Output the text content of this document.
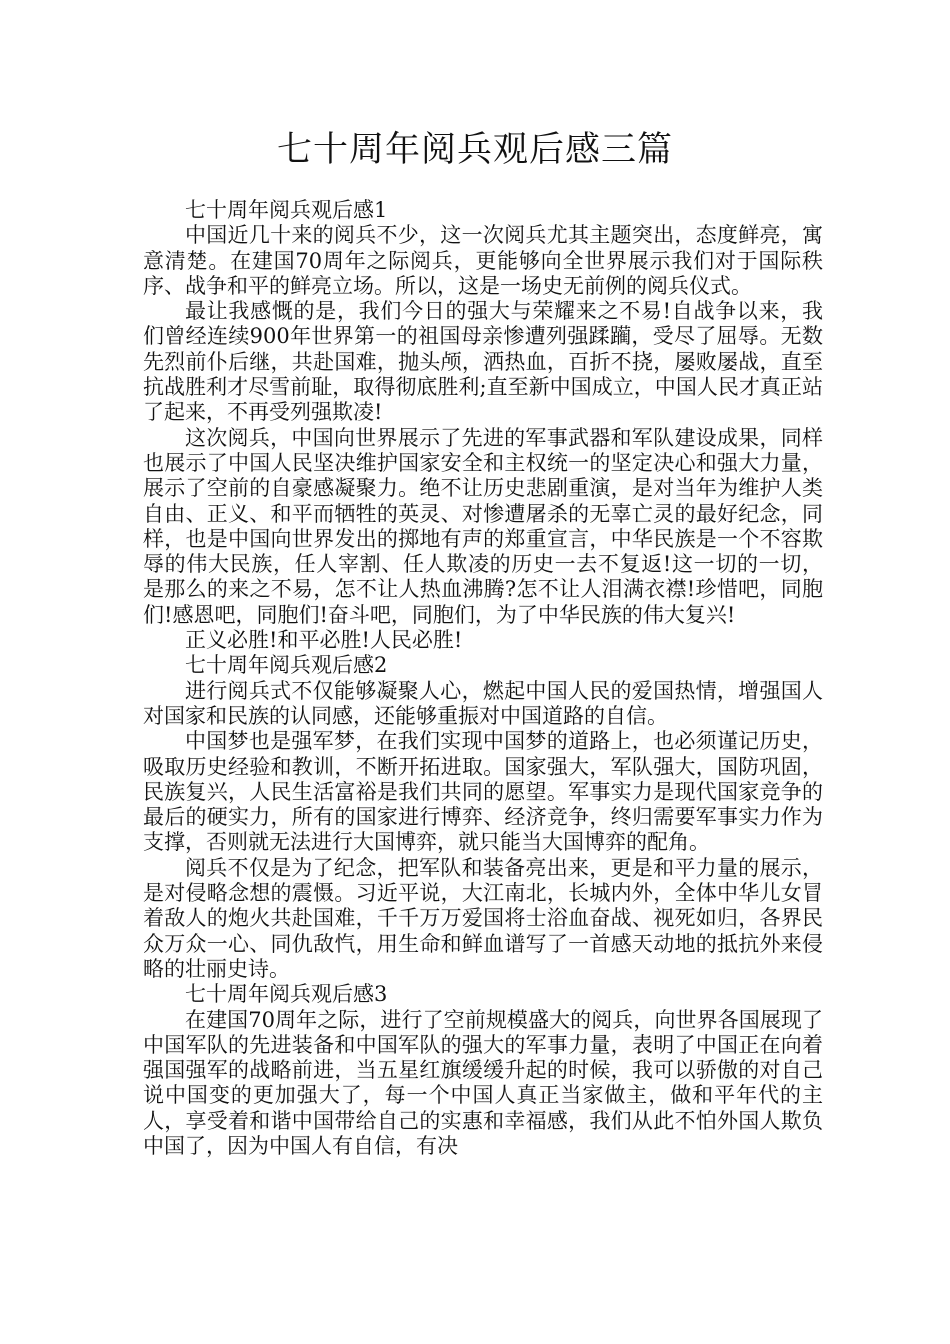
七十周年阅兵观后感三篇

七十周年阅兵观后感1

中国近几十来的阅兵不少，这一次阅兵尤其主题突出，态度鲜亮，寓意清楚。在建国70周年之际阅兵，更能够向全世界展示我们对于国际秩序、战争和平的鲜亮立场。所以，这是一场史无前例的阅兵仪式。

最让我感慨的是，我们今日的强大与荣耀来之不易!自战争以来，我们曾经连续900年世界第一的祖国母亲惨遭列强蹂躏，受尽了屈辱。无数先烈前仆后继，共赴国难，抛头颅，洒热血，百折不挠，屡败屡战，直至抗战胜利才尽雪前耻，取得彻底胜利;直至新中国成立，中国人民才真正站了起来，不再受列强欺凌!

这次阅兵，中国向世界展示了先进的军事武器和军队建设成果，同样也展示了中国人民坚决维护国家安全和主权统一的坚定决心和强大力量，展示了空前的自豪感凝聚力。绝不让历史悲剧重演，是对当年为维护人类自由、正义、和平而牺牲的英灵、对惨遭屠杀的无辜亡灵的最好纪念，同样，也是中国向世界发出的掷地有声的郑重宣言，中华民族是一个不容欺辱的伟大民族，任人宰割、任人欺凌的历史一去不复返!这一切的一切，是那么的来之不易，怎不让人热血沸腾?怎不让人泪满衣襟!珍惜吧，同胞们!感恩吧，同胞们!奋斗吧，同胞们，为了中华民族的伟大复兴!

正义必胜!和平必胜!人民必胜!

七十周年阅兵观后感2

进行阅兵式不仅能够凝聚人心，燃起中国人民的爱国热情，增强国人对国家和民族的认同感，还能够重振对中国道路的自信。

中国梦也是强军梦，在我们实现中国梦的道路上，也必须谨记历史，吸取历史经验和教训，不断开拓进取。国家强大，军队强大，国防巩固，民族复兴，人民生活富裕是我们共同的愿望。军事实力是现代国家竞争的最后的硬实力，所有的国家进行博弈、经济竞争，终归需要军事实力作为支撑，否则就无法进行大国博弈，就只能当大国博弈的配角。

阅兵不仅是为了纪念，把军队和装备亮出来，更是和平力量的展示，是对侵略念想的震慑。习近平说，大江南北，长城内外，全体中华儿女冒着敌人的炮火共赴国难，千千万万爱国将士浴血奋战、视死如归，各界民众万众一心、同仇敌忾，用生命和鲜血谱写了一首感天动地的抵抗外来侵略的壮丽史诗。

七十周年阅兵观后感3

在建国70周年之际，进行了空前规模盛大的阅兵，向世界各国展现了中国军队的先进装备和中国军队的强大的军事力量，表明了中国正在向着强国强军的战略前进，当五星红旗缓缓升起的时候，我可以骄傲的对自己说中国变的更加强大了，每一个中国人真正当家做主，做和平年代的主人，享受着和谐中国带给自己的实惠和幸福感，我们从此不怕外国人欺负中国了，因为中国人有自信，有决
